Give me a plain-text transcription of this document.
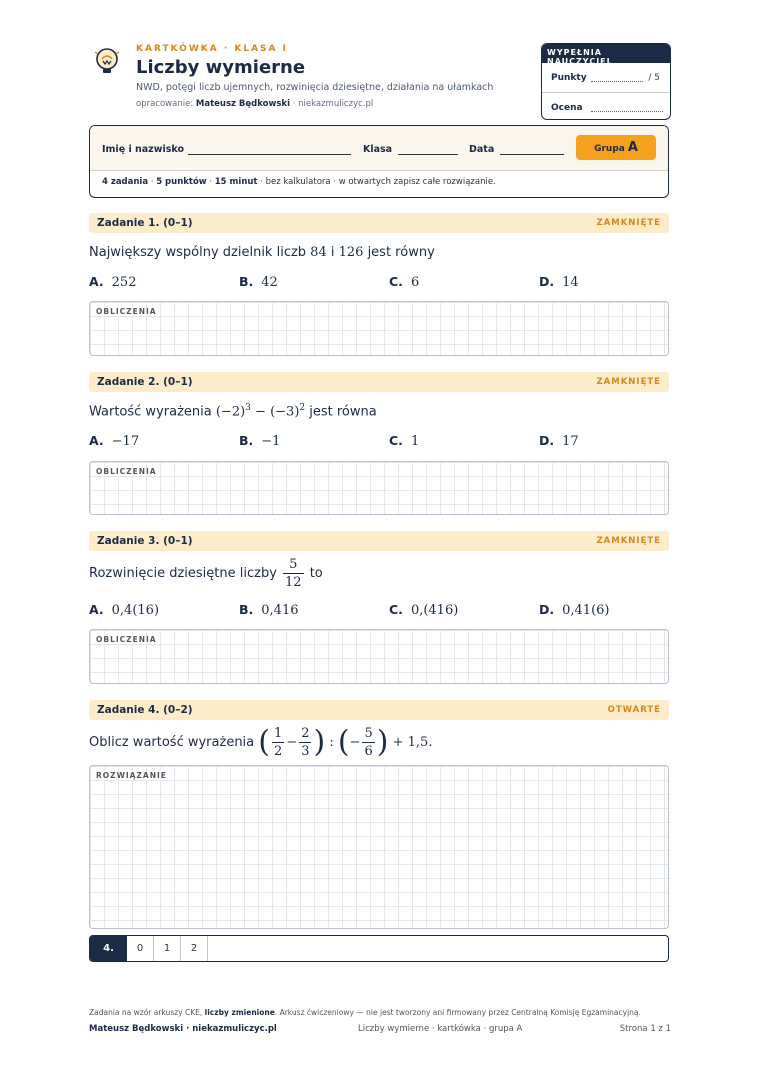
KARTKÓWKA · KLASA I
Liczby wymierne
NWD, potęgi liczb ujemnych, rozwinięcia dziesiętne, działania na ułamkach
opracowanie: Mateusz Będkowski · niekazmuliczyc.pl
WYPEŁNIA NAUCZYCIEL
Punkty	/ 5
Ocena
Imię i nazwisko	Klasa	Data	Grupa A
4 zadania · 5 punktów · 15 minut · bez kalkulatora · w otwartych zapisz całe rozwiązanie.
Zadanie 1. (0–1)	ZAMKNIĘTE
Największy wspólny dzielnik liczb 84 i 126 jest równy
A. 252	B. 42	C. 6	D. 14
OBLICZENIA
Zadanie 2. (0–1)	ZAMKNIĘTE
Wartość wyrażenia $(-2)^3 - (-3)^2$ jest równa
A. −17	B. −1	C. 1	D. 17
OBLICZENIA
Zadanie 3. (0–1)	ZAMKNIĘTE
Rozwinięcie dziesiętne liczby $\frac{5}{12}$ to
A. 0,4(16)	B. 0,416	C. 0,(416)	D. 0,41(6)
OBLICZENIA
Zadanie 4. (0–2)	OTWARTE
Oblicz wartość wyrażenia ( $\frac{1}{2} - \frac{2}{3}$ ) : (− $\frac{5}{6}$ ) + 1,5.
ROZWIĄZANIE
4.	0	1	2
Zadania na wzór arkuszy CKE, liczby zmienione. Arkusz ćwiczeniowy — nie jest tworzony ani firmowany przez Centralną Komisję Egzaminacyjną.
Mateusz Będkowski · niekazmuliczyc.pl	Liczby wymierne · kartkówka · grupa A	Strona 1 z 1
